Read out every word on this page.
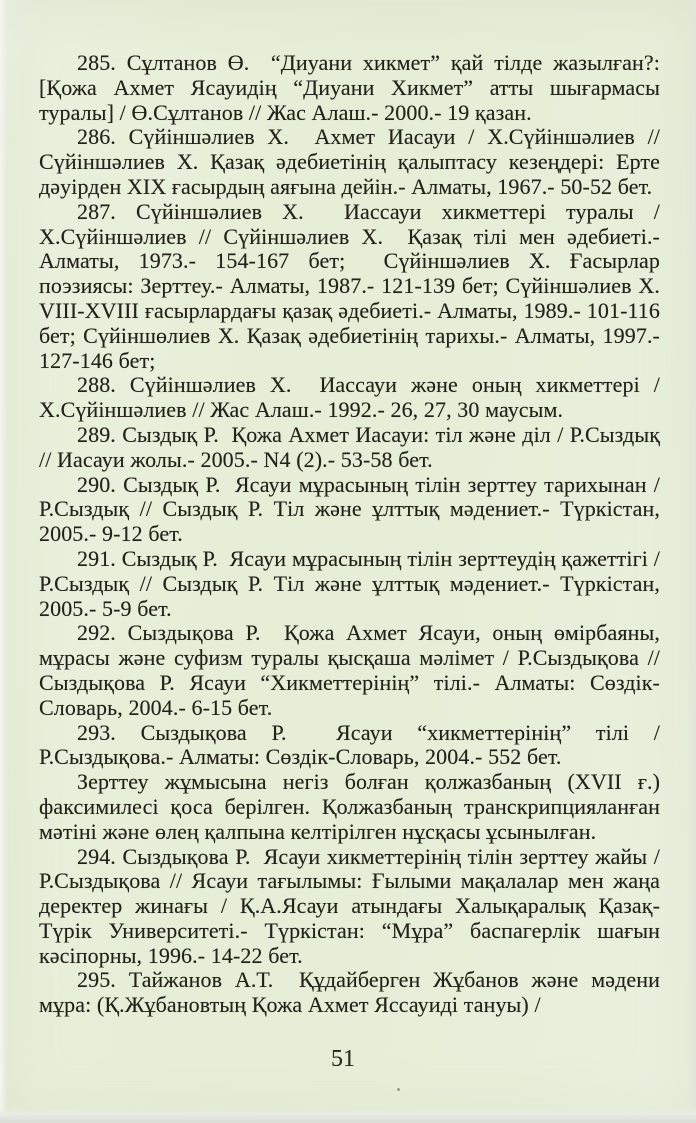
285. Сұлтанов Ө.  “Диуани хикмет” қай тілде жазылған?: [Қожа Ахмет Ясауидің “Диуани Хикмет” атты шығармасы туралы] / Ө.Сұлтанов // Жас Алаш.- 2000.- 19 қазан.

286. Сүйіншәлиев Х.  Ахмет Иасауи / Х.Сүйіншәлиев // Сүйіншәлиев Х. Қазақ әдебиетінің қалыптасу кезеңдері: Ерте дәуірден XIX ғасырдың аяғына дейін.- Алматы, 1967.- 50-52 бет.

287. Сүйіншәлиев Х.  Иассауи хикметтері туралы / Х.Сүйіншәлиев // Сүйіншәлиев Х.  Қазақ тілі мен әдебиеті.- Алматы, 1973.- 154-167 бет;  Сүйіншәлиев Х. Ғасырлар поэзиясы: Зерттеу.- Алматы, 1987.- 121-139 бет; Сүйіншәлиев Х. VIII-XVIII ғасырлардағы қазақ әдебиеті.- Алматы, 1989.- 101-116 бет; Сүйіншөлиев Х. Қазақ әдебиетінің тарихы.- Алматы, 1997.- 127-146 бет;

288. Сүйіншәлиев Х.  Иассауи және оның хикметтері / Х.Сүйіншәлиев // Жас Алаш.- 1992.- 26, 27, 30 маусым.

289. Сыздық Р.  Қожа Ахмет Иасауи: тіл және діл / Р.Сыздық // Иасауи жолы.- 2005.- N4 (2).- 53-58 бет.

290. Сыздық Р.  Ясауи мұрасының тілін зерттеу тарихынан / Р.Сыздық // Сыздық Р. Тіл және ұлттық мәдениет.- Түркістан, 2005.- 9-12 бет.

291. Сыздық Р.  Ясауи мұрасының тілін зерттеудің қажеттігі / Р.Сыздық // Сыздық Р. Тіл және ұлттық мәдениет.- Түркістан, 2005.- 5-9 бет.

292. Сыздықова Р.  Қожа Ахмет Ясауи, оның өмірбаяны, мұрасы және суфизм туралы қысқаша мәлімет / Р.Сыздықова // Сыздықова Р. Ясауи “Хикметтерінің” тілі.- Алматы: Сөздік-Словарь, 2004.- 6-15 бет.

293. Сыздықова Р.  Ясауи “хикметтерінің” тілі / Р.Сыздықова.- Алматы: Сөздік-Словарь, 2004.- 552 бет.

Зерттеу жұмысына негіз болған қолжазбаның (XVII ғ.) факсимилесі қоса берілген. Қолжазбаның транскрипцияланған мәтіні және өлең қалпына келтірілген нұсқасы ұсынылған.

294. Сыздықова Р.  Ясауи хикметтерінің тілін зерттеу жайы / Р.Сыздықова // Ясауи тағылымы: Ғылыми мақалалар мен жаңа деректер жинағы / Қ.А.Ясауи атындағы Халықаралық Қазақ-Түрік Университеті.- Түркістан: “Мұра” баспагерлік шағын кәсіпорны, 1996.- 14-22 бет.

295. Тайжанов А.Т.  Құдайберген Жұбанов және мәдени мұра: (Қ.Жұбановтың Қожа Ахмет Яссауиді тануы) /

51
